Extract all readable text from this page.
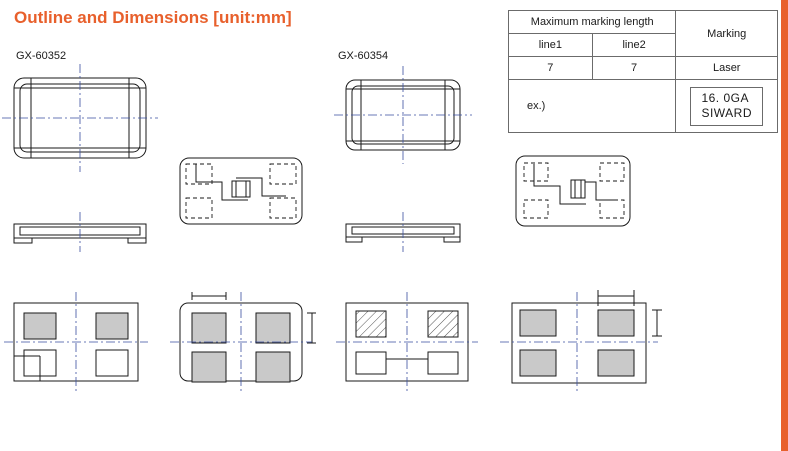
Outline and Dimensions [unit:mm]
GX-60352	GX-60354
Maximum marking length		Marking
line1	line2	
7	7	Laser
ex.)		16. 0GA
SIWARD
